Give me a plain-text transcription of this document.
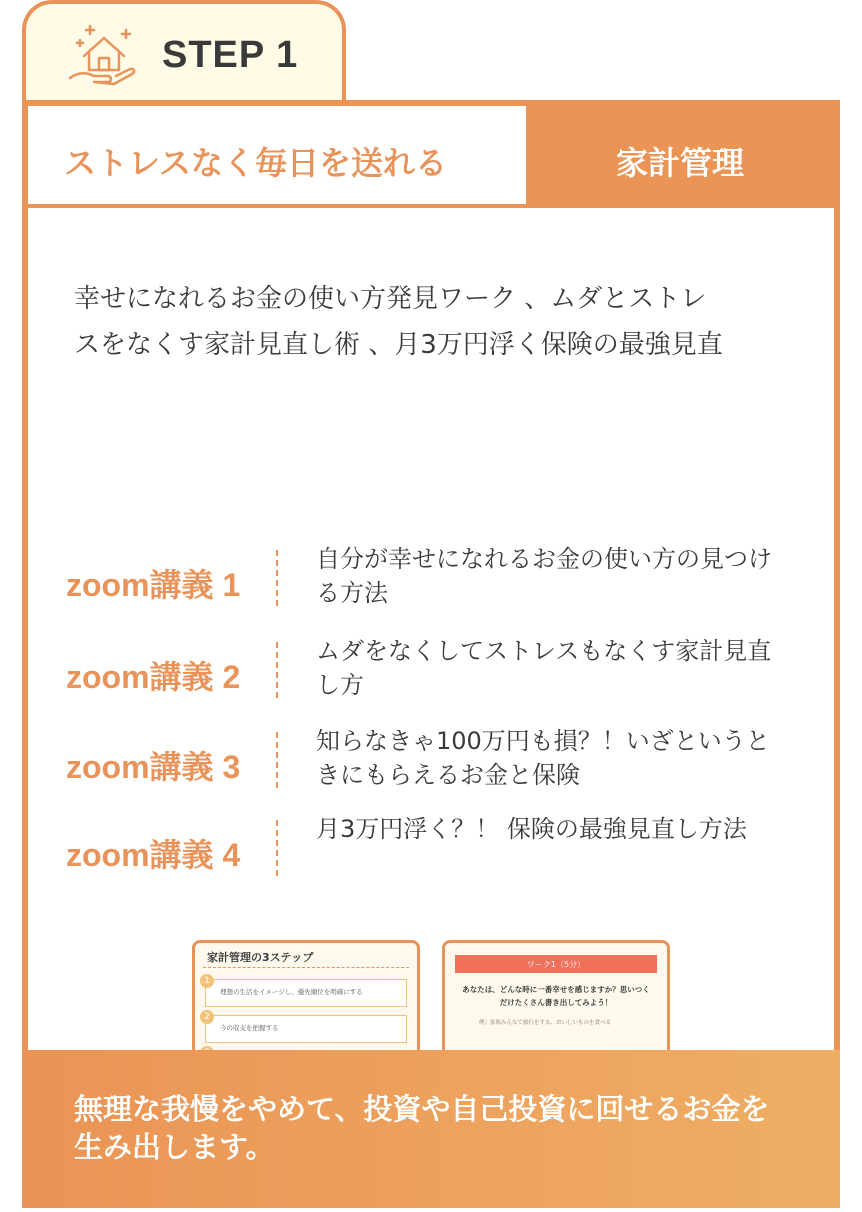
STEP 1
ストレスなく毎日を送れる	家計管理
幸せになれるお金の使い方発見ワーク 、ムダとストレ
スをなくす家計見直し術 、月3万円浮く保険の最強見直
zoom講義 1
自分が幸せになれるお金の使い方の見つける方法
zoom講義 2
ムダをなくしてストレスもなくす家計見直し方
zoom講義 3
知らなきゃ100万円も損？！いざというときにもらえるお金と保険
zoom講義 4
月3万円浮く？！ 保険の最強見直し方法
家計管理の3ステップ
1
理想の生活をイメージし、優先順位を明確にする
2
今の収支を把握する
ワーク1（5分）
あなたは、どんな時に一番幸せを感じますか？思いつくだけたくさん書き出してみよう！
例）家族みんなで旅行をする、おいしいものを食べる

無理な我慢をやめて、投資や自己投資に回せるお金を生み出します。
